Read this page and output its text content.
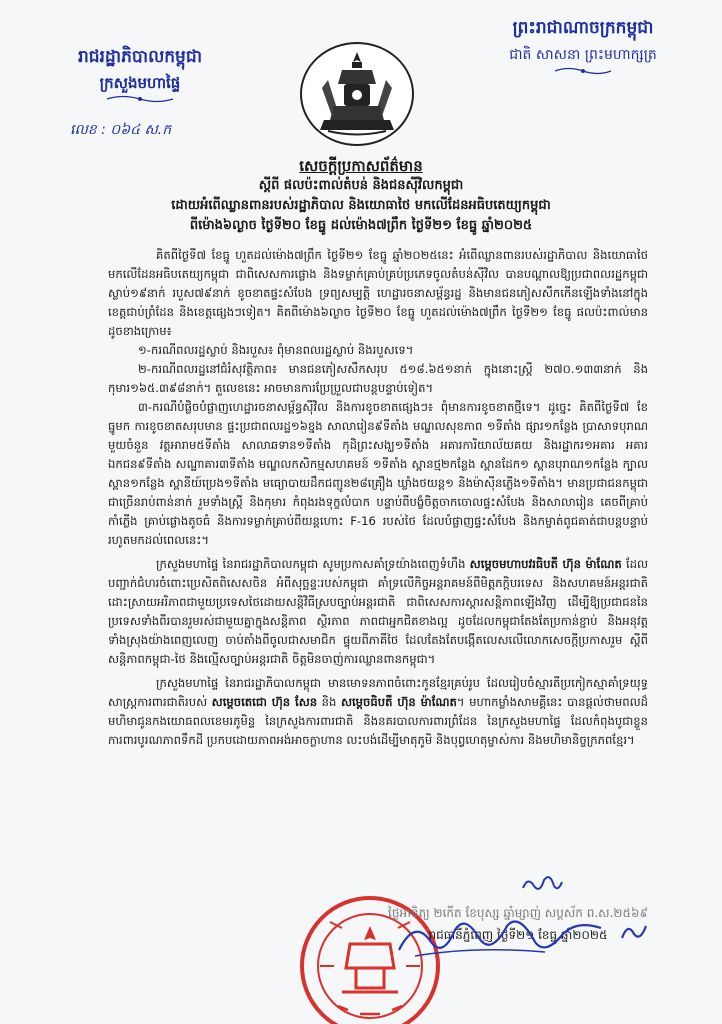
រាជរដ្ឋាភិបាលកម្ពុជា
ក្រសួងមហាផ្ទៃ
លេខ : ០៦៤ ស.ក
ព្រះរាជាណាចក្រកម្ពុជា
ជាតិ សាសនា ព្រះមហាក្សត្រ
សេចក្តីប្រកាសព័ត៌មាន
ស្តីពី ផលប៉ះពាល់តំបន់ និងជនស៊ីវិលកម្ពុជា
ដោយអំពើឈ្លានពានរបស់រដ្ឋាភិបាល និងយោធាថៃ មកលើដែនអធិបតេយ្យកម្ពុជា
ពីម៉ោង៦ល្ងាច ថ្ងៃទី២០ ខែធ្នូ ដល់ម៉ោង៧ព្រឹក ថ្ងៃទី២១ ខែធ្នូ ឆ្នាំ២០២៥

គិតពីថ្ងៃទី៧ ខែធ្នូ ហួតដល់ម៉ោង៧ព្រឹក ថ្ងៃទី២១ ខែធ្នូ ឆ្នាំ២០២៥នេះ អំពើឈ្លានពានរបស់រដ្ឋាភិបាល និងយោធាថៃ មកលើដែនអធិបតេយ្យកម្ពុជា ជាពិសេសការផ្លោង និងទម្លាក់គ្រាប់គ្រប់ប្រភេទចូលតំបន់ស៊ីវិល បានបណ្តាលឱ្យប្រជាពលរដ្ឋកម្ពុជាស្លាប់១៩នាក់ របួស៧៩នាក់ ខូចខាតផ្ទះសំបែង ទ្រព្យសម្បត្តិ ហេដ្ឋារចនាសម្ព័ន្ធរដ្ឋ និងមានជនភៀសសឹកកើនឡើងទាំងនៅក្នុងខេត្តជាប់ព្រំដែន និងខេត្តផ្សេងៗទៀត។ គិតពីម៉ោង៦ល្ងាច ថ្ងៃទី២០ ខែធ្នូ ហួតដល់ម៉ោង៧ព្រឹក ថ្ងៃទី២១ ខែធ្នូ ផលប៉ះពាល់មានដូចខាងក្រោម៖

១-ករណីពលរដ្ឋស្លាប់ និងរបួស៖ ពុំមានពលរដ្ឋស្លាប់ និងរបួសទេ។

២-ករណីពលរដ្ឋនៅជំរំសុវត្ថិភាព៖ មានជនភៀសសឹកសរុប ៥១៨.៦៥១នាក់ ក្នុងនោះស្ត្រី ២៧០.១៣៣នាក់ និងកុមារ១៦៥.៣៩៨នាក់។ តួលេខនេះ អាចមានការប្រែប្រួលជាបន្តបន្ទាប់ទៀត។

៣-ករណីបំផ្លិចបំផ្លាញហេដ្ឋារចនាសម្ព័ន្ធស៊ីវិល និងការខូចខាតផ្សេងៗ៖ ពុំមានការខូចខាតថ្មីទេ។ ដូច្នេះ គិតពីថ្ងៃទី៧ ខែធ្នូមក ការខូចខាតសរុបមាន ផ្ទះប្រជាពលរដ្ឋ១៦ខ្នង សាលារៀន៩ទីតាំង មណ្ឌលសុខភាព ១ទីតាំង ផ្សារ១កន្លែង ប្រាសាទបុរាណមួយចំនួន វត្តអារាម៥ទីតាំង សាលាឆទាន១ទីតាំង កុដិព្រះសង្ឃ១ទីតាំង អគារការិយាល័យគយ និងរដ្ឋាករ១អគារ អគារឯកជន៩ទីតាំង សណ្ឋាគារ៣ទីតាំង មណ្ឌលកសិកម្មសហគមន៍ ១ទីតាំង ស្ពានថ្ម២កន្លែង ស្ពានដែក១ ស្ពានបុរាណ១កន្លែង ក្បាលស្ពាន១កន្លែង ស្ពានីយ៍ប្រេង១ទីតាំង មធ្យោបាយដឹកជញ្ជូន២៨គ្រឿង ឃ្លាំងថយន្ត១ និងម៉ាស៊ីនភ្លើង១ទីតាំង។ មានប្រជាជនកម្ពុជាជាច្រើនរាប់ពាន់នាក់ រួមទាំងស្ត្រី និងកុមារ កំពុងរងទុក្ខលំបាក បន្ទាប់ពីបង្ខំចិត្តចាកចោលផ្ទះសំបែង និងសាលារៀន គេចពីគ្រាប់កាំភ្លើង គ្រាប់ផ្លោងតូចធំ និងការទម្លាក់គ្រាប់ពីយន្តហោះ F-16 របស់ថៃ ដែលបំផ្លាញផ្ទះសំបែង និងកម្ចាត់ពូជគាត់ជាបន្តបន្ទាប់រហូតមកដល់ពេលនេះ។

ក្រសួងមហាផ្ទៃ នៃរាជរដ្ឋាភិបាលកម្ពុជា សូមប្រកាសគាំទ្រយ៉ាងពេញទំហឹង សម្តេចមហាបវរធិបតី ហ៊ុន ម៉ាណែត ដែលបញ្ជាក់ជំហរចំពោះប្រេសិតពិសេសចិន អំពីសុច្ឆន្ទៈរបស់កម្ពុជា គាំទ្រលើកិច្ចអន្តរាគមន៍ពីមិត្តភក្តិបរទេស និងសហគមន៍អន្តរជាតិ ដោះស្រាយអរិភាពជាមួយប្រទេសថៃដោយសន្តិវិធីស្របច្បាប់អន្តរជាតិ ជាពិសេសការស្តារសន្តិភាពឡើងវិញ ដើម្បីឱ្យប្រជាជននៃប្រទេសទាំងពីរបានរួមរស់ជាមួយគ្នាក្នុងសន្តិភាព ស្ថិរភាព ភាពជាអ្នកជិតខាងល្អ ដូចដែលកម្ពុជាតែងតែប្រកាន់ខ្ជាប់ និងអនុវត្តទាំងស្រុងយ៉ាងពេញលេញ ចាប់តាំងពីចូលជាសមាជិក ផ្ទុយពីភាគីថៃ ដែលតែងតែបង្កើតលេសលើលោកសេចក្តីប្រកាសរួម ស្តីពី សន្តិភាពកម្ពុជា-ថៃ និងល្មើសច្បាប់អន្តរជាតិ ចិត្តមិនចាញ់ការឈ្លានពានកម្ពុជា។

ក្រសួងមហាផ្ទៃ នៃរាជរដ្ឋាភិបាលកម្ពុជា មានមោទនភាពចំពោះកូនខ្មែរគ្រប់រូប ដែលរៀបចំស្មារតីប្រកៀកស្មាគាំទ្រយុទ្ធសាស្ត្រការពារជាតិរបស់ សម្តេចតេជោ ហ៊ុន សែន និង សម្តេចធិបតី ហ៊ុន ម៉ាណែត។ មហាកម្លាំងសាមគ្គីនេះ បានផ្តល់ថាមពលដ៏មហិមាជូនកងយោធពលខេមរភូមិន្ទ នៃក្រសួងការពារជាតិ និងនគរបាលការពារព្រំដែន នៃក្រសួងមហាផ្ទៃ ដែលកំពុងបូជាខ្លួនការពារបូរណភាពទឹកដី ប្រកបដោយភាពអង់អាចក្លាហាន លះបង់ដើម្បីមាតុភូមិ និងបុព្វហេតុម្ចាស់ការ និងមហិមានិច្ចក្រភពខ្មែរ។

ថ្ងៃអាទិត្យ ២កើត ខែបុស្ស ឆ្នាំម្សាញ់ សប្តស័ក ព.ស.២៥៦៩
រាជធានីភ្នំពេញ ថ្ងៃទី២១ ខែធ្នូ ឆ្នាំ២០២៥
